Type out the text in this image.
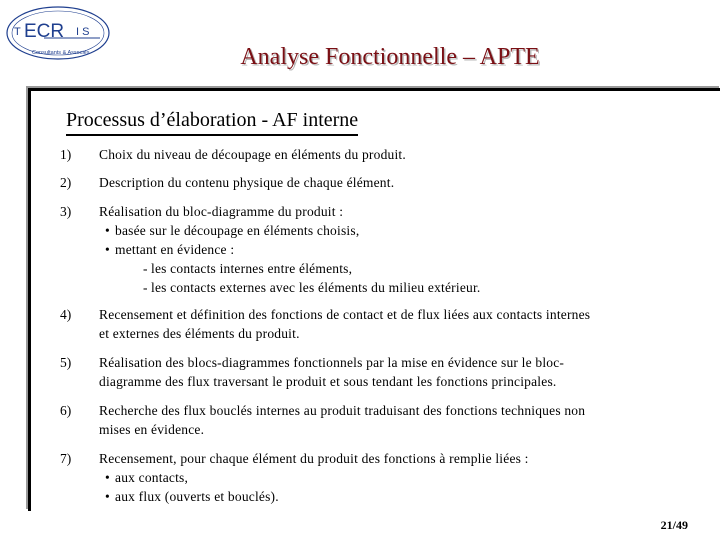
T ECR I S
Consultants & Associés	Analyse Fonctionnelle – APTE
Processus d’élaboration - AF interne
1)	Choix du niveau de découpage en éléments du produit.
2)	Description du contenu physique de chaque élément.
3)	Réalisation du bloc-diagramme du produit :
• basée sur le découpage en éléments choisis,
• mettant en évidence :
- les contacts internes entre éléments,
- les contacts externes avec les éléments du milieu extérieur.
4)	Recensement et définition des fonctions de contact et de flux liées aux contacts internes
et externes des éléments du produit.
5)	Réalisation des blocs-diagrammes fonctionnels par la mise en évidence sur le bloc-
diagramme des flux traversant le produit et sous tendant les fonctions principales.
6)	Recherche des flux bouclés internes au produit traduisant des fonctions techniques non
mises en évidence.
7)	Recensement, pour chaque élément du produit des fonctions à remplie liées :
• aux contacts,
• aux flux (ouverts et bouclés).
21/49
